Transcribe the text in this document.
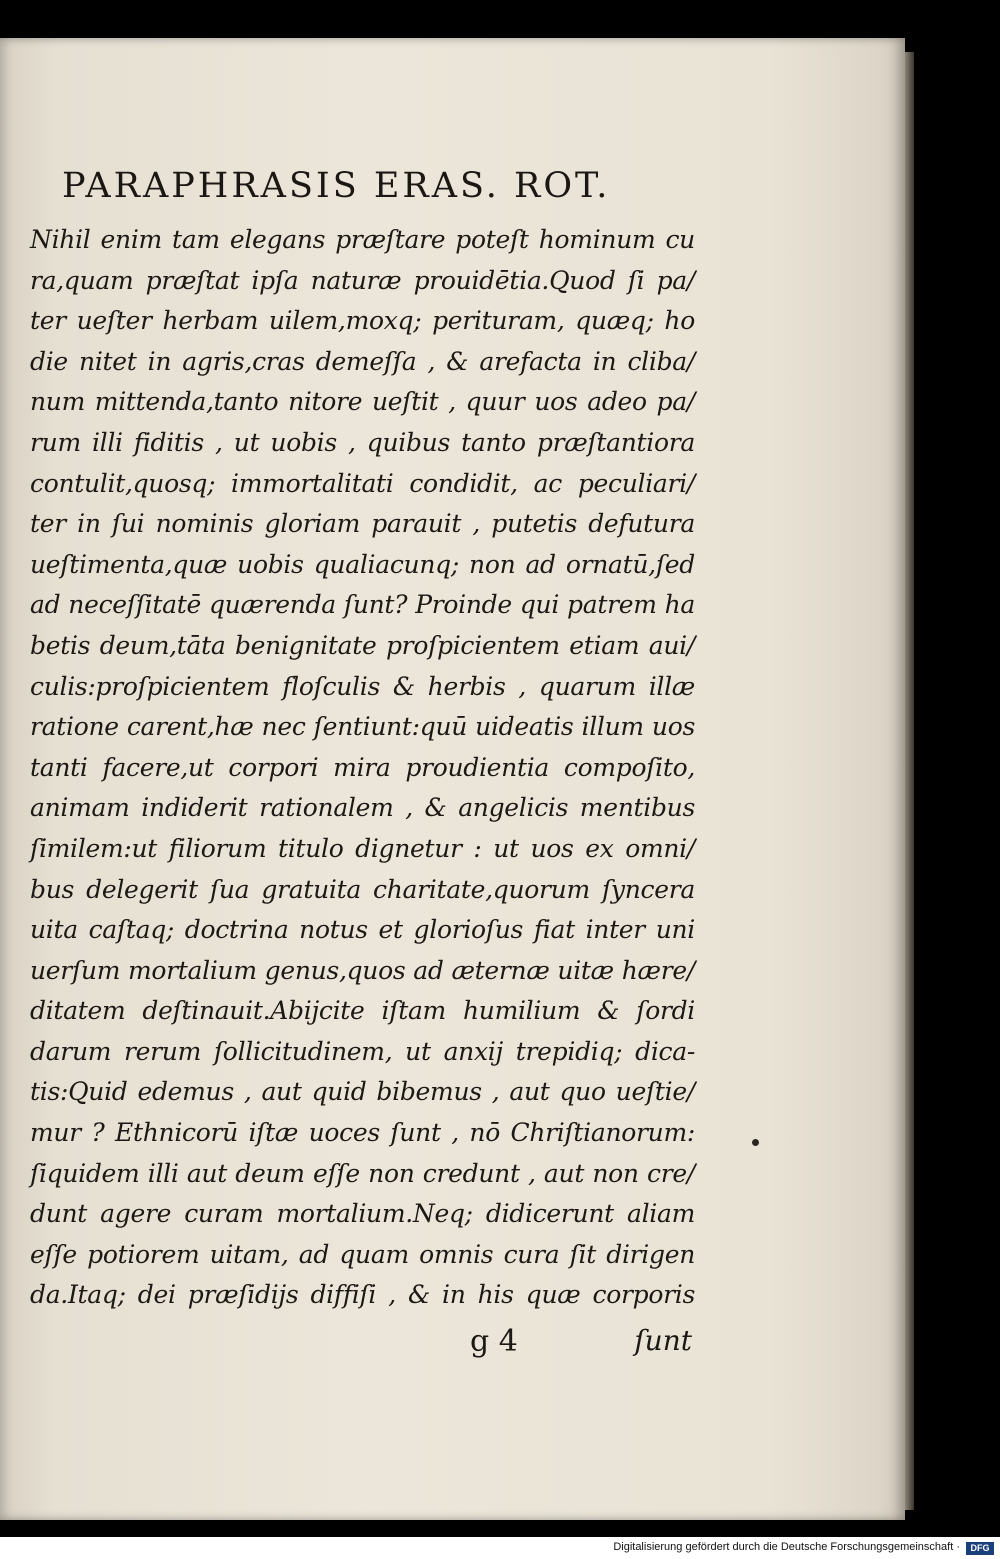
PARAPHRASIS ERAS. ROT.
Nihil enim tam elegans præſtare poteſt hominum cu
ra,quam præſtat ipſa naturæ prouidētia.Quod ſi pa/
ter ueſter herbam uilem,moxq; perituram, quæq; ho
die nitet in agris,cras demeſſa , & arefacta in cliba/
num mittenda,tanto nitore ueſtit , quur uos adeo pa/
rum illi fiditis , ut uobis , quibus tanto præſtantiora
contulit,quosq; immortalitati condidit, ac peculiari/
ter in ſui nominis gloriam parauit , putetis defutura
ueſtimenta,quæ uobis qualiacunq; non ad ornatū,ſed
ad neceſſitatē quærenda ſunt? Proinde qui patrem ha
betis deum,tāta benignitate proſpicientem etiam aui/
culis:proſpicientem floſculis & herbis , quarum illæ
ratione carent,hæ nec ſentiunt:quū uideatis illum uos
tanti facere,ut corpori mira proudientia compoſito,
animam indiderit rationalem , & angelicis mentibus
ſimilem:ut filiorum titulo dignetur : ut uos ex omni/
bus delegerit ſua gratuita charitate,quorum ſyncera
uita caſtaq; doctrina notus et glorioſus fiat inter uni
uerſum mortalium genus,quos ad æternæ uitæ hære/
ditatem deſtinauit.Abijcite iſtam humilium & ſordi
darum rerum ſollicitudinem, ut anxij trepidiq; dica-
tis:Quid edemus , aut quid bibemus , aut quo ueſtie/
mur ? Ethnicorū iſtæ uoces ſunt , nō Chriſtianorum:
ſiquidem illi aut deum eſſe non credunt , aut non cre/
dunt agere curam mortalium.Neq; didicerunt aliam
eſſe potiorem uitam, ad quam omnis cura ſit dirigen
da.Itaq; dei præſidijs diffiſi , & in his quæ corporis
g 4	ſunt
Digitalisierung gefördert durch die Deutsche Forschungsgemeinschaft ·	DFG
